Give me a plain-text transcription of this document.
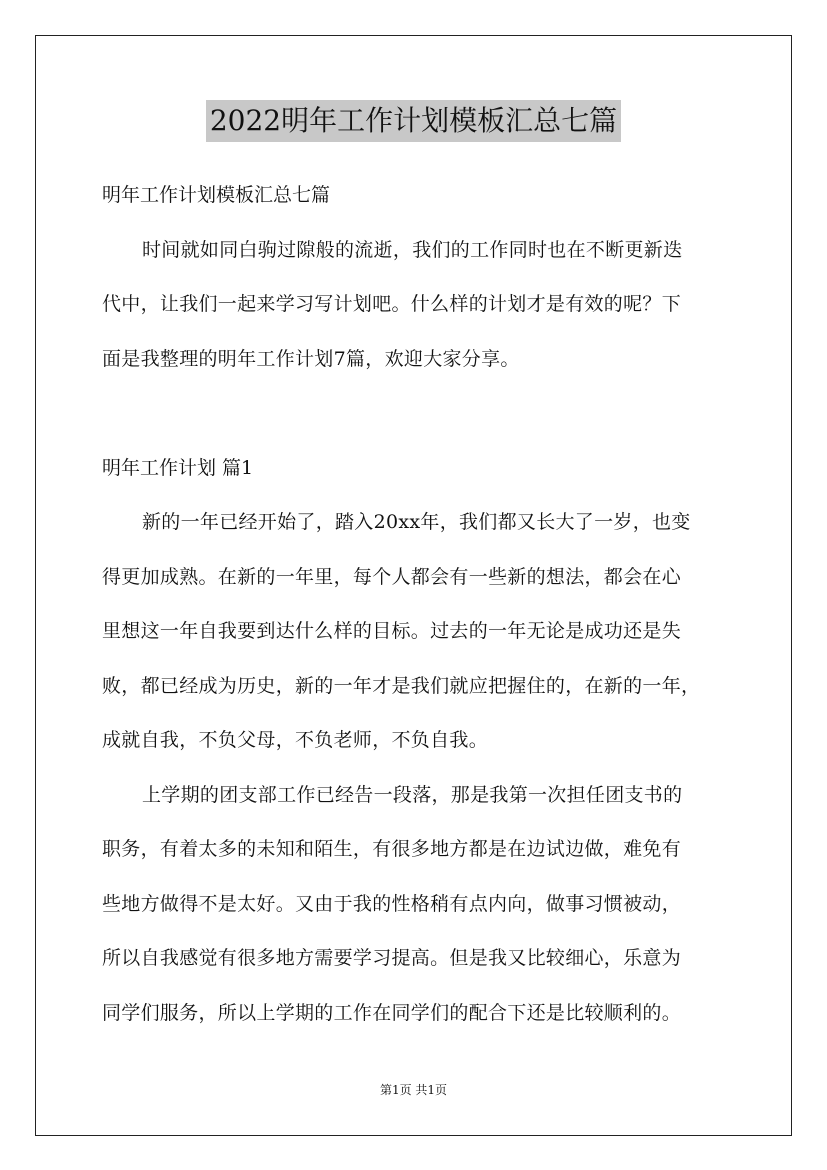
2022明年工作计划模板汇总七篇
明年工作计划模板汇总七篇
时间就如同白驹过隙般的流逝，我们的工作同时也在不断更新迭
代中，让我们一起来学习写计划吧。什么样的计划才是有效的呢？下
面是我整理的明年工作计划7篇，欢迎大家分享。
明年工作计划 篇1
新的一年已经开始了，踏入20xx年，我们都又长大了一岁，也变
得更加成熟。在新的一年里，每个人都会有一些新的想法，都会在心
里想这一年自我要到达什么样的目标。过去的一年无论是成功还是失
败，都已经成为历史，新的一年才是我们就应把握住的，在新的一年，
成就自我，不负父母，不负老师，不负自我。
上学期的团支部工作已经告一段落，那是我第一次担任团支书的
职务，有着太多的未知和陌生，有很多地方都是在边试边做，难免有
些地方做得不是太好。又由于我的性格稍有点内向，做事习惯被动，
所以自我感觉有很多地方需要学习提高。但是我又比较细心，乐意为
同学们服务，所以上学期的工作在同学们的配合下还是比较顺利的。
第1页 共1页
